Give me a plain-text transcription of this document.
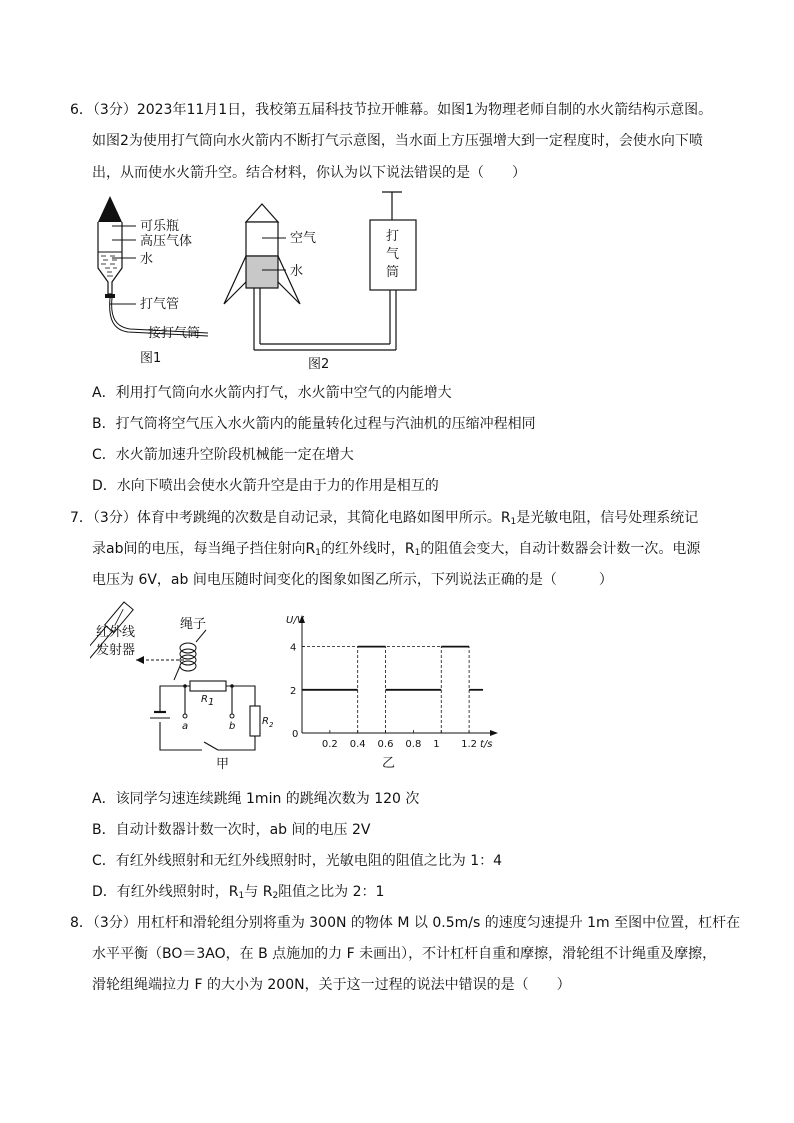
6．（3分）2023年11月1日，我校第五届科技节拉开帷幕。如图1为物理老师自制的水火箭结构示意图。
如图2为使用打气筒向水火箭内不断打气示意图，当水面上方压强增大到一定程度时，会使水向下喷
出，从而使水火箭升空。结合材料，你认为以下说法错误的是（　　）
可乐瓶
高压气体
水
打气管
接打气筒
图1
空气
水
打
气
筒
图2
A．利用打气筒向水火箭内打气，水火箭中空气的内能增大
B．打气筒将空气压入水火箭内的能量转化过程与汽油机的压缩冲程相同
C．水火箭加速升空阶段机械能一定在增大
D．水向下喷出会使水火箭升空是由于力的作用是相互的
7．（3分）体育中考跳绳的次数是自动记录，其简化电路如图甲所示。$R_1$是光敏电阻，信号处理系统记
录ab间的电压，每当绳子挡住射向$R_1$的红外线时，$R_1$的阻值会变大，自动计数器会计数一次。电源
电压为 6V，ab 间电压随时间变化的图象如图乙所示，下列说法正确的是（　　　）
红外线
发射器
绳子
R1
$R_2$
a	b
甲
U/V
t/s
0
0.2 0.4 0.6 0.8 1 1.2
2
4
乙
A．该同学匀速连续跳绳 1min 的跳绳次数为 120 次
B．自动计数器计数一次时，ab 间的电压 2V
C．有红外线照射和无红外线照射时，光敏电阻的阻值之比为 1：4
D．有红外线照射时，$R_1$与 $R_2$阻值之比为 2：1
8．（3分）用杠杆和滑轮组分别将重为 300N 的物体 M 以 0.5m/s 的速度匀速提升 1m 至图中位置，杠杆在
水平平衡（BO＝3AO，在 B 点施加的力 F 未画出），不计杠杆自重和摩擦，滑轮组不计绳重及摩擦，
滑轮组绳端拉力 F 的大小为 200N，关于这一过程的说法中错误的是（　　）
